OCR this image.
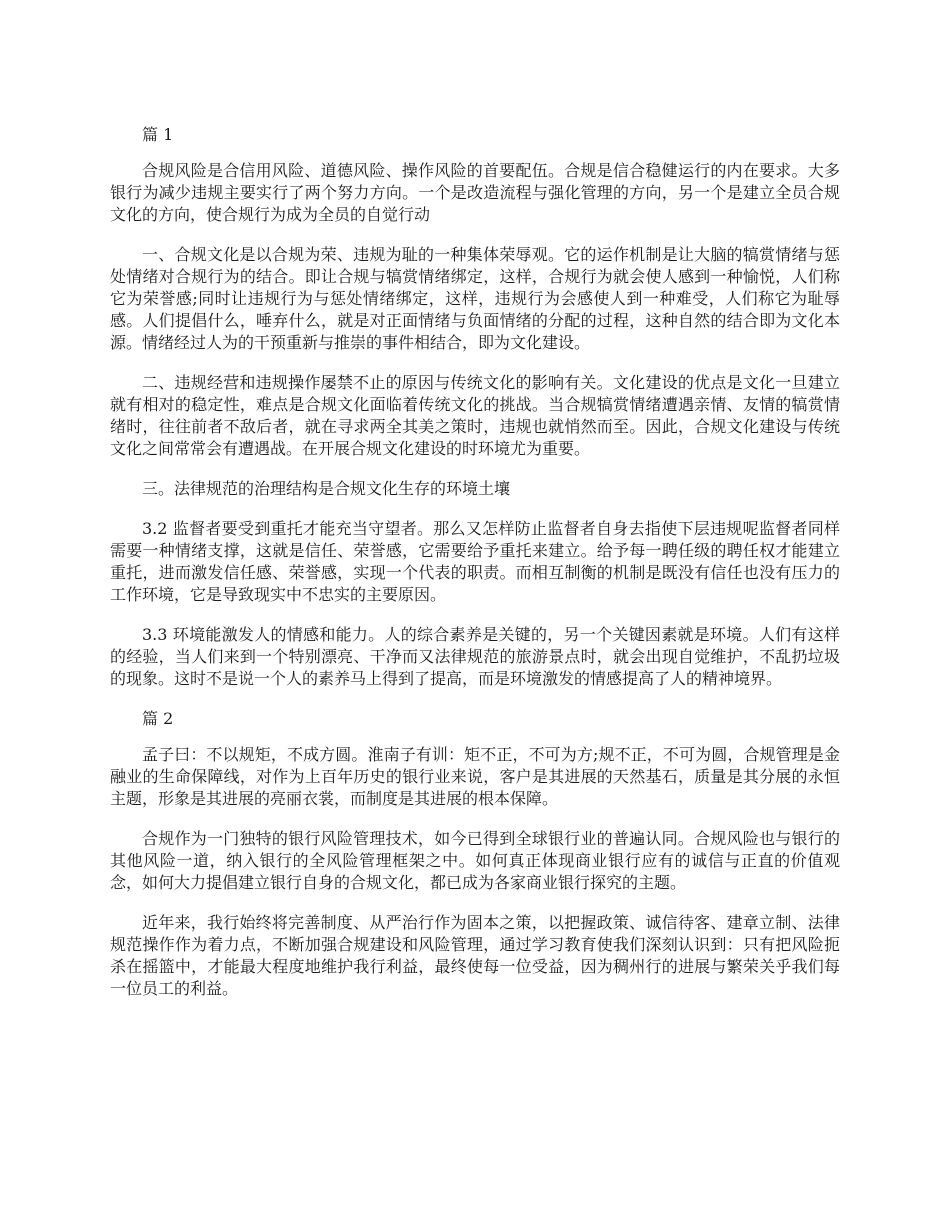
篇 1

合规风险是合信用风险、道德风险、操作风险的首要配伍。合规是信合稳健运行的内在要求。大多银行为减少违规主要实行了两个努力方向。一个是改造流程与强化管理的方向，另一个是建立全员合规文化的方向，使合规行为成为全员的自觉行动

一、合规文化是以合规为荣、违规为耻的一种集体荣辱观。它的运作机制是让大脑的犒赏情绪与惩处情绪对合规行为的结合。即让合规与犒赏情绪绑定，这样，合规行为就会使人感到一种愉悦，人们称它为荣誉感;同时让违规行为与惩处情绪绑定，这样，违规行为会感使人到一种难受，人们称它为耻辱感。人们提倡什么，唾弃什么，就是对正面情绪与负面情绪的分配的过程，这种自然的结合即为文化本源。情绪经过人为的干预重新与推崇的事件相结合，即为文化建设。

二、违规经营和违规操作屡禁不止的原因与传统文化的影响有关。文化建设的优点是文化一旦建立就有相对的稳定性，难点是合规文化面临着传统文化的挑战。当合规犒赏情绪遭遇亲情、友情的犒赏情绪时，往往前者不敌后者，就在寻求两全其美之策时，违规也就悄然而至。因此，合规文化建设与传统文化之间常常会有遭遇战。在开展合规文化建设的时环境尤为重要。

三。法律规范的治理结构是合规文化生存的环境土壤

3.2 监督者要受到重托才能充当守望者。那么又怎样防止监督者自身去指使下层违规呢监督者同样需要一种情绪支撑，这就是信任、荣誉感，它需要给予重托来建立。给予每一聘任级的聘任权才能建立重托，进而激发信任感、荣誉感，实现一个代表的职责。而相互制衡的机制是既没有信任也没有压力的工作环境，它是导致现实中不忠实的主要原因。

3.3 环境能激发人的情感和能力。人的综合素养是关键的，另一个关键因素就是环境。人们有这样的经验，当人们来到一个特别漂亮、干净而又法律规范的旅游景点时，就会出现自觉维护，不乱扔垃圾的现象。这时不是说一个人的素养马上得到了提高，而是环境激发的情感提高了人的精神境界。

篇 2

孟子曰：不以规矩，不成方圆。淮南子有训：矩不正，不可为方;规不正，不可为圆，合规管理是金融业的生命保障线，对作为上百年历史的银行业来说，客户是其进展的天然基石，质量是其分展的永恒主题，形象是其进展的亮丽衣裳，而制度是其进展的根本保障。

合规作为一门独特的银行风险管理技术，如今已得到全球银行业的普遍认同。合规风险也与银行的其他风险一道，纳入银行的全风险管理框架之中。如何真正体现商业银行应有的诚信与正直的价值观念，如何大力提倡建立银行自身的合规文化，都已成为各家商业银行探究的主题。

近年来，我行始终将完善制度、从严治行作为固本之策，以把握政策、诚信待客、建章立制、法律规范操作作为着力点，不断加强合规建设和风险管理，通过学习教育使我们深刻认识到：只有把风险扼杀在摇篮中，才能最大程度地维护我行利益，最终使每一位受益，因为稠州行的进展与繁荣关乎我们每一位员工的利益。
